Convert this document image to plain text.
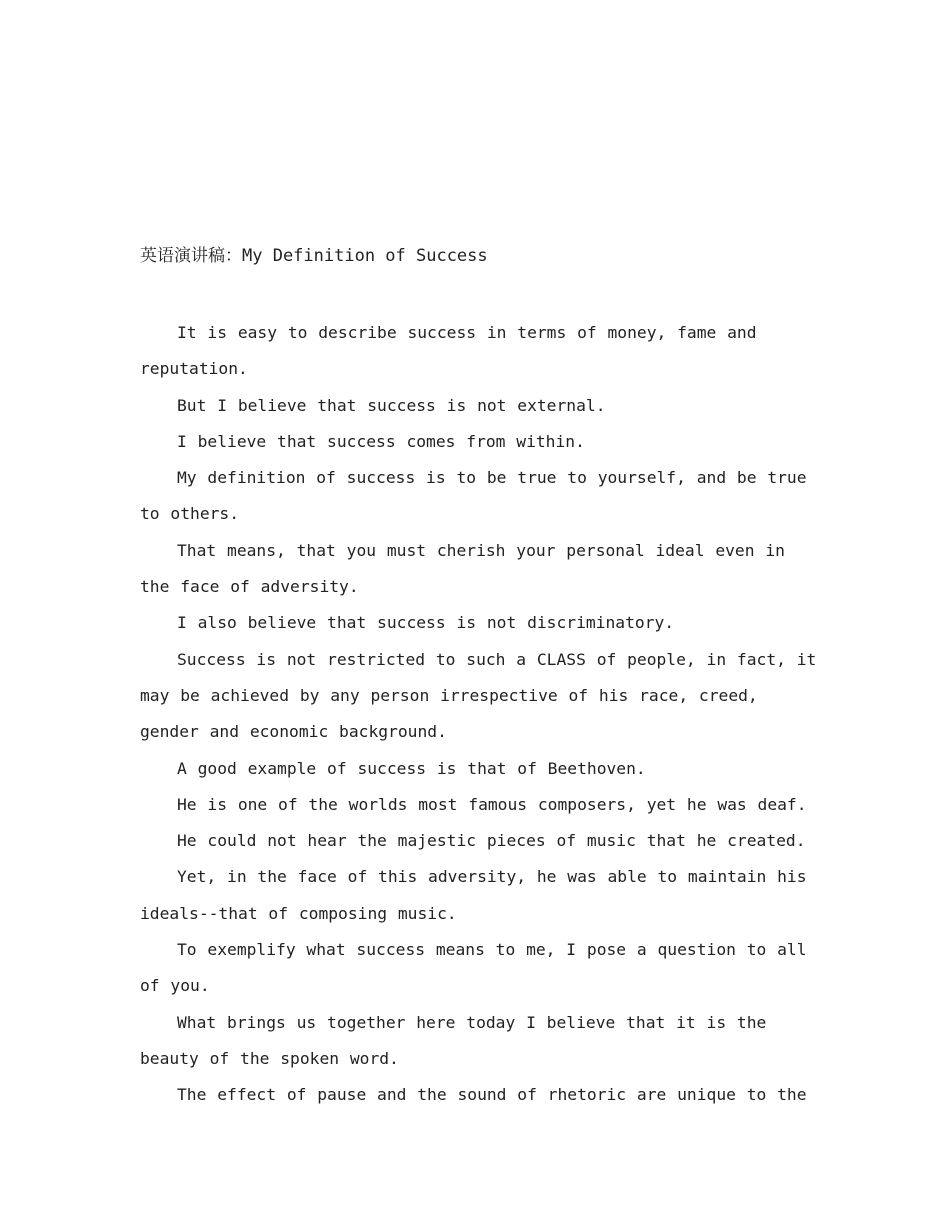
英语演讲稿：My Definition of Success

It is easy to describe success in terms of money, fame and reputation.

But I believe that success is not external.

I believe that success comes from within.

My definition of success is to be true to yourself, and be true to others.

That means, that you must cherish your personal ideal even in the face of adversity.

I also believe that success is not discriminatory.

Success is not restricted to such a CLASS of people, in fact, it may be achieved by any person irrespective of his race, creed, gender and economic background.

A good example of success is that of Beethoven.

He is one of the worlds most famous composers, yet he was deaf.

He could not hear the majestic pieces of music that he created.

Yet, in the face of this adversity, he was able to maintain his ideals--that of composing music.

To exemplify what success means to me, I pose a question to all of you.

What brings us together here today I believe that it is the beauty of the spoken word.

The effect of pause and the sound of rhetoric are unique to the
